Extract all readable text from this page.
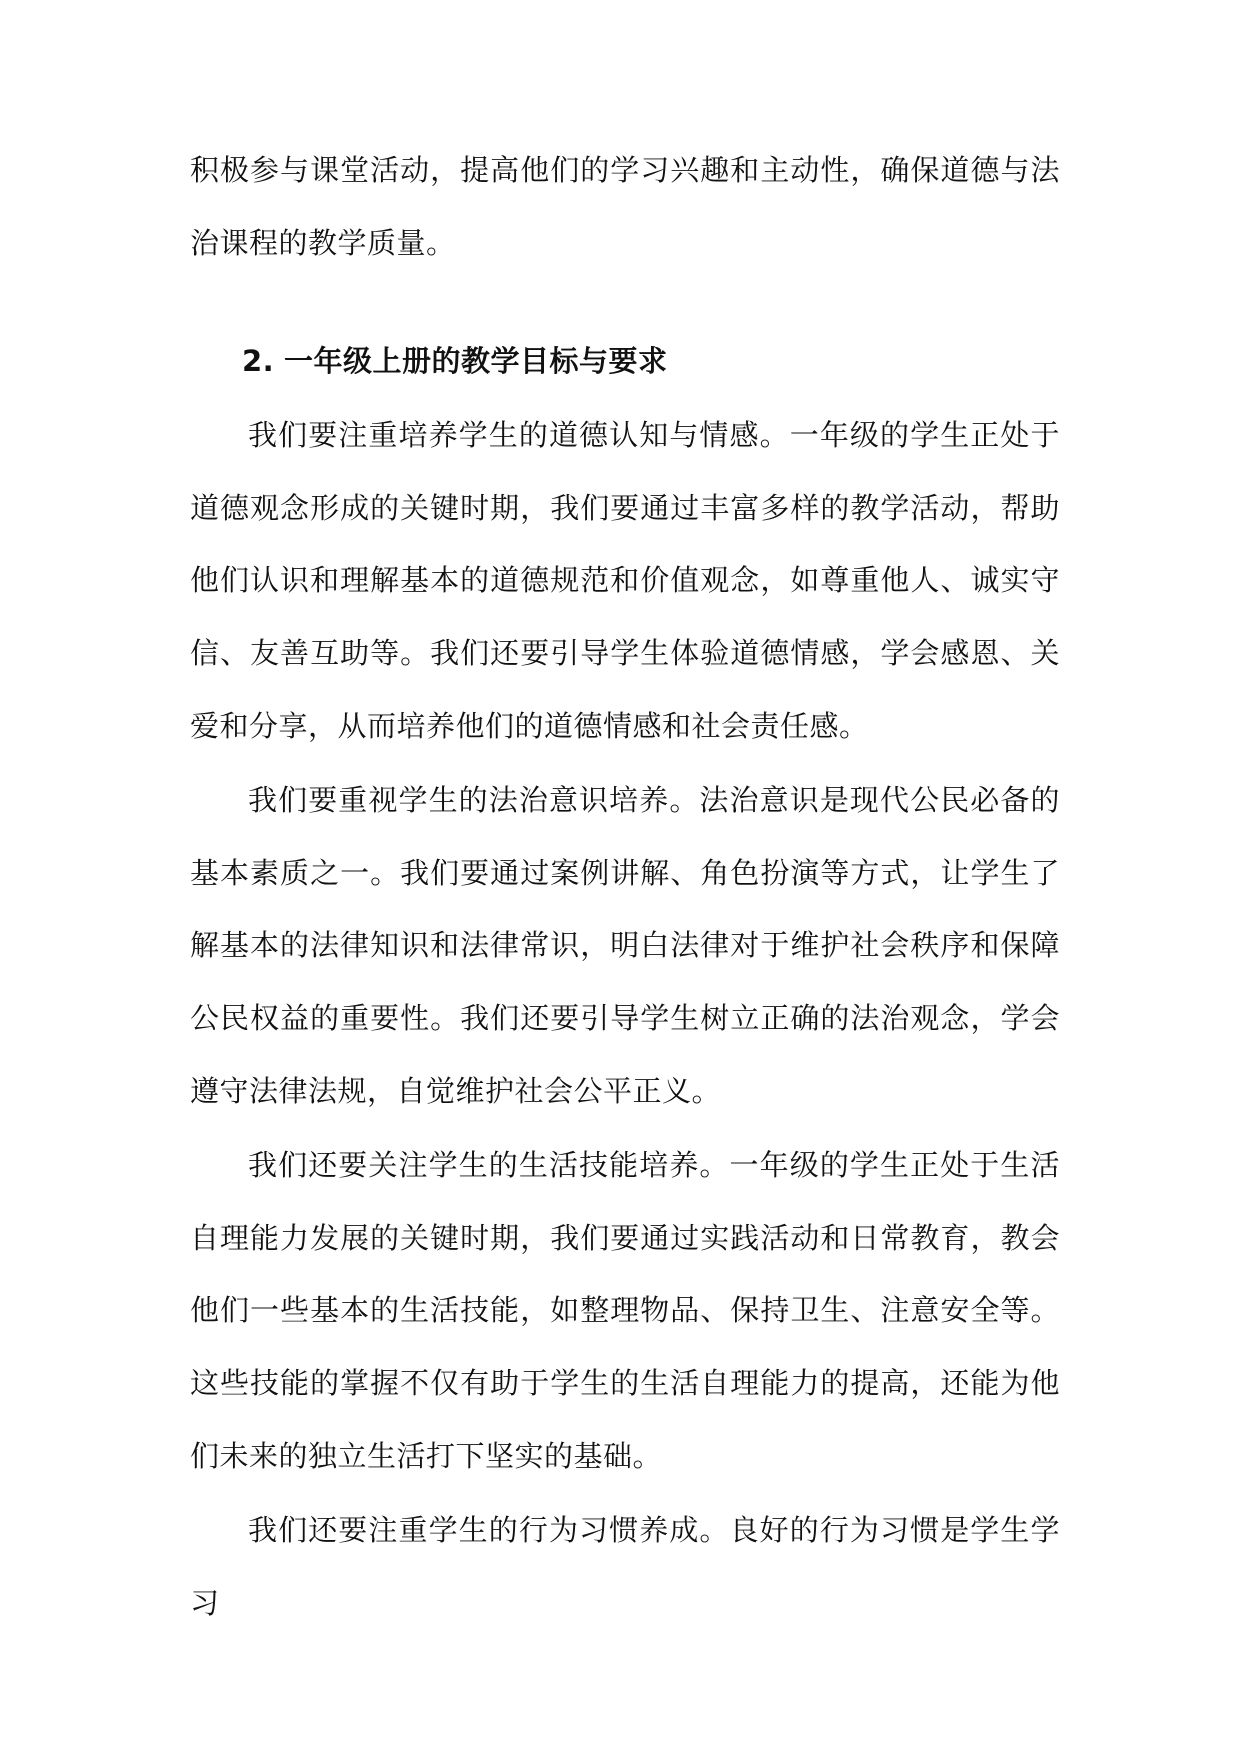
积极参与课堂活动，提高他们的学习兴趣和主动性，确保道德与法治课程的教学质量。

2. 一年级上册的教学目标与要求

我们要注重培养学生的道德认知与情感。一年级的学生正处于道德观念形成的关键时期，我们要通过丰富多样的教学活动，帮助他们认识和理解基本的道德规范和价值观念，如尊重他人、诚实守信、友善互助等。我们还要引导学生体验道德情感，学会感恩、关爱和分享，从而培养他们的道德情感和社会责任感。

我们要重视学生的法治意识培养。法治意识是现代公民必备的基本素质之一。我们要通过案例讲解、角色扮演等方式，让学生了解基本的法律知识和法律常识，明白法律对于维护社会秩序和保障公民权益的重要性。我们还要引导学生树立正确的法治观念，学会遵守法律法规，自觉维护社会公平正义。

我们还要关注学生的生活技能培养。一年级的学生正处于生活自理能力发展的关键时期，我们要通过实践活动和日常教育，教会他们一些基本的生活技能，如整理物品、保持卫生、注意安全等。这些技能的掌握不仅有助于学生的生活自理能力的提高，还能为他们未来的独立生活打下坚实的基础。

我们还要注重学生的行为习惯养成。良好的行为习惯是学生学习
